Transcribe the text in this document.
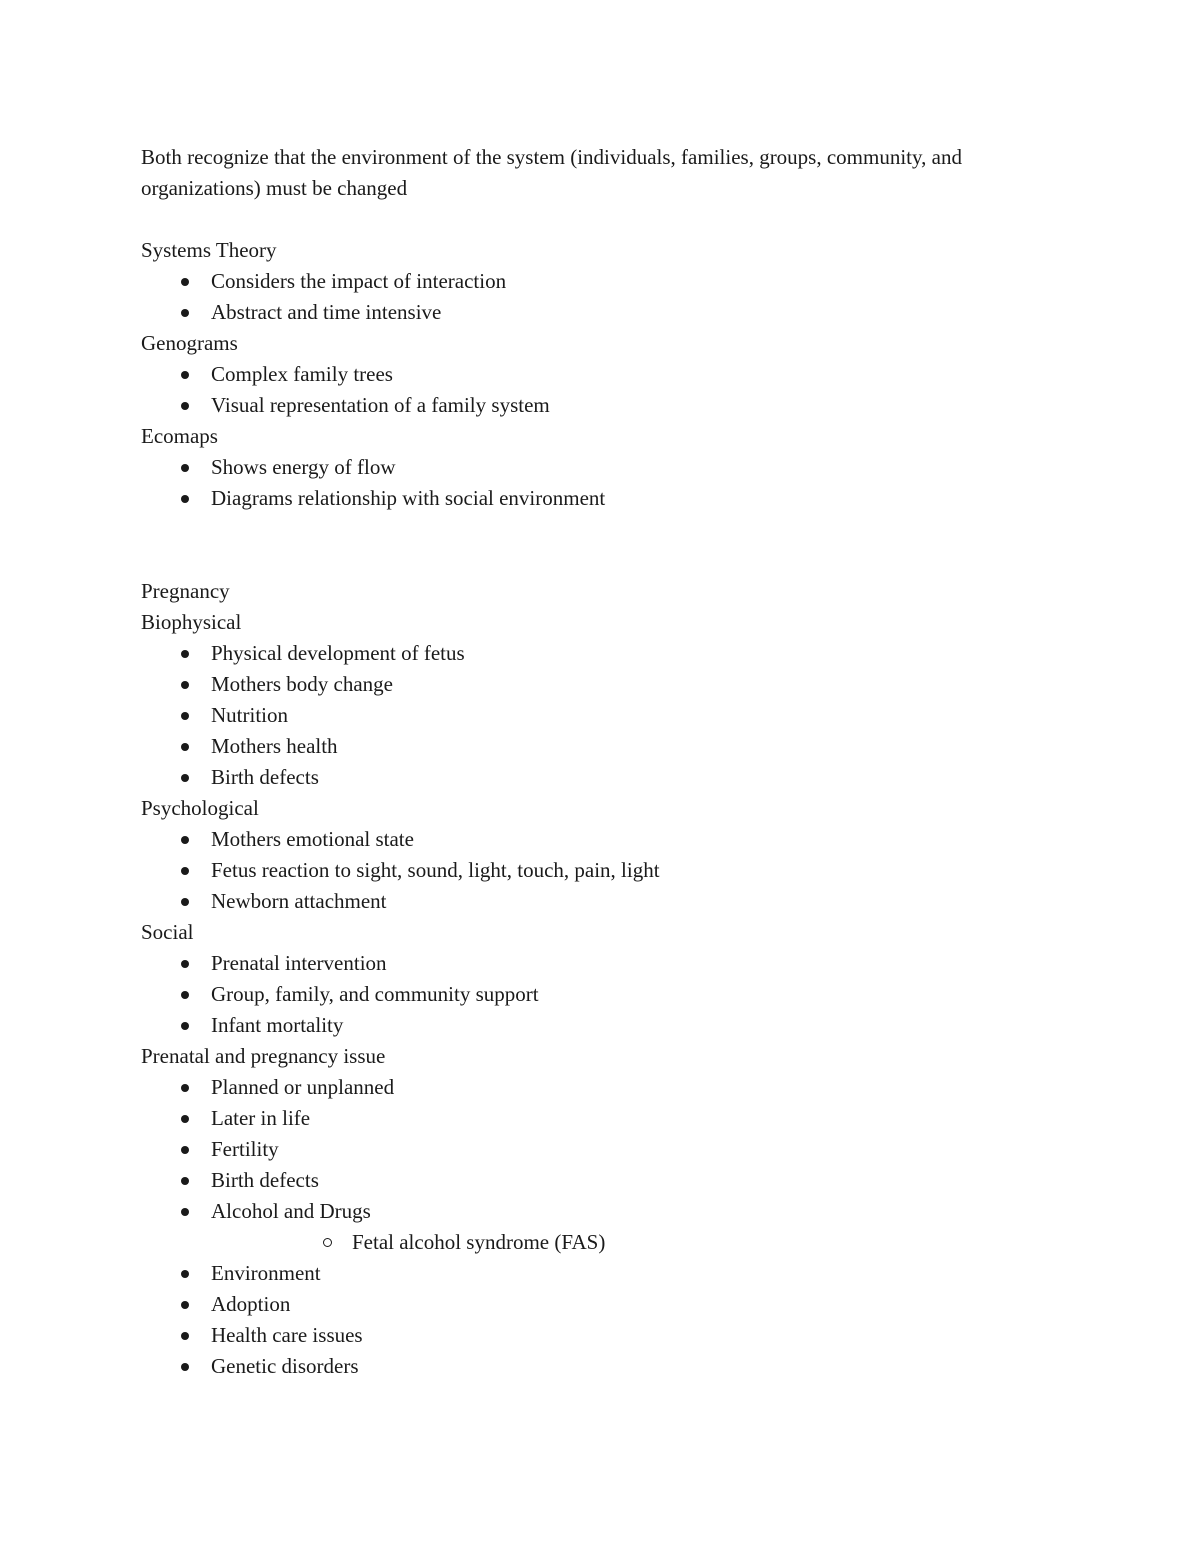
Both recognize that the environment of the system (individuals, families, groups, community, and organizations) must be changed

Systems Theory

Considers the impact of interaction
Abstract and time intensive

Genograms

Complex family trees
Visual representation of a family system

Ecomaps

Shows energy of flow
Diagrams relationship with social environment

Pregnancy

Biophysical

Physical development of fetus
Mothers body change
Nutrition
Mothers health
Birth defects

Psychological

Mothers emotional state
Fetus reaction to sight, sound, light, touch, pain, light
Newborn attachment

Social

Prenatal intervention
Group, family, and community support
Infant mortality

Prenatal and pregnancy issue

Planned or unplanned
Later in life
Fertility
Birth defects
Alcohol and Drugs
Fetal alcohol syndrome (FAS)
Environment
Adoption
Health care issues
Genetic disorders
